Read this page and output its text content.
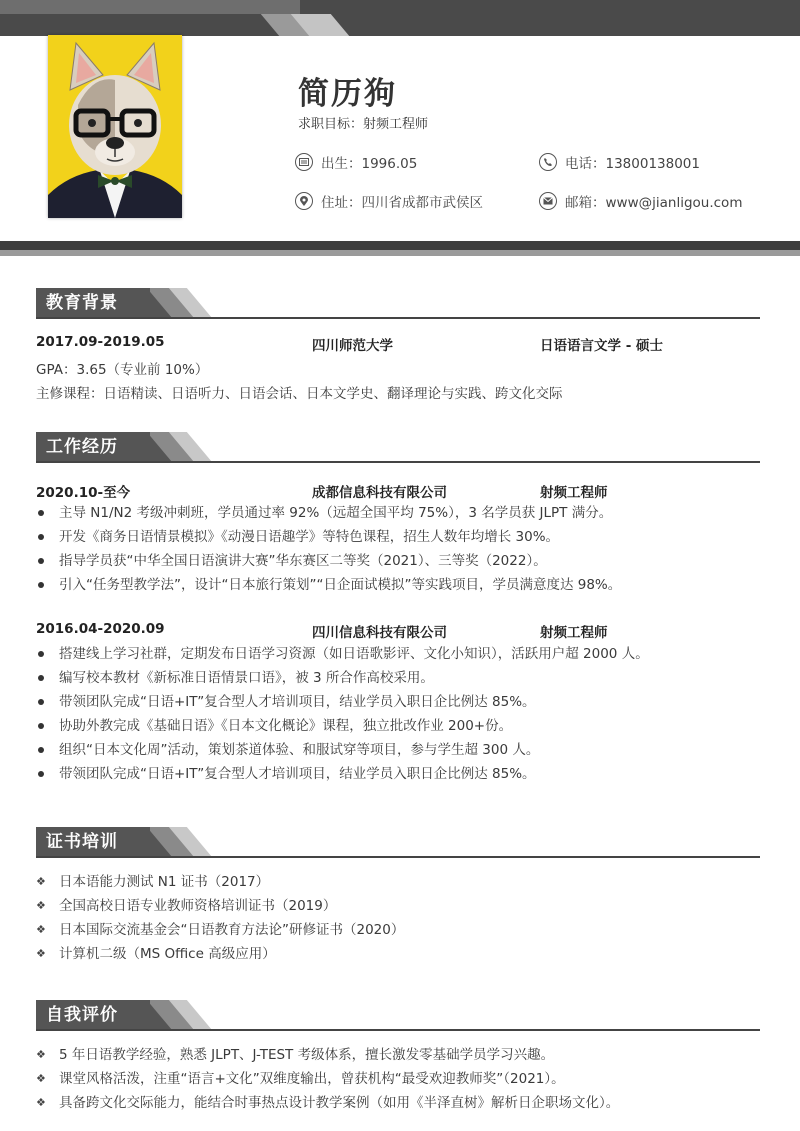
简历狗
求职目标：射频工程师
出生：1996.05	电话：13800138001
住址：四川省成都市武侯区	邮箱：www@jianligou.com
教育背景
2017.09-2019.05	四川师范大学	日语语言文学 - 硕士
GPA：3.65（专业前 10%）
主修课程：日语精读、日语听力、日语会话、日本文学史、翻译理论与实践、跨文化交际
工作经历
2020.10-至今	成都信息科技有限公司	射频工程师
主导 N1/N2 考级冲刺班，学员通过率 92%（远超全国平均 75%），3 名学员获 JLPT 满分。
开发《商务日语情景模拟》《动漫日语趣学》等特色课程，招生人数年均增长 30%。
指导学员获“中华全国日语演讲大赛”华东赛区二等奖（2021）、三等奖（2022）。
引入“任务型教学法”，设计“日本旅行策划”“日企面试模拟”等实践项目，学员满意度达 98%。
2016.04-2020.09	四川信息科技有限公司	射频工程师
搭建线上学习社群，定期发布日语学习资源（如日语歌影评、文化小知识），活跃用户超 2000 人。
编写校本教材《新标准日语情景口语》，被 3 所合作高校采用。
带领团队完成“日语+IT”复合型人才培训项目，结业学员入职日企比例达 85%。
协助外教完成《基础日语》《日本文化概论》课程，独立批改作业 200+份。
组织“日本文化周”活动，策划茶道体验、和服试穿等项目，参与学生超 300 人。
带领团队完成“日语+IT”复合型人才培训项目，结业学员入职日企比例达 85%。
证书培训
❖ 日本语能力测试 N1 证书（2017）
❖ 全国高校日语专业教师资格培训证书（2019）
❖ 日本国际交流基金会“日语教育方法论”研修证书（2020）
❖ 计算机二级（MS Office 高级应用）
自我评价
❖ 5 年日语教学经验，熟悉 JLPT、J-TEST 考级体系，擅长激发零基础学员学习兴趣。
❖ 课堂风格活泼，注重“语言+文化”双维度输出，曾获机构“最受欢迎教师奖”（2021）。
❖ 具备跨文化交际能力，能结合时事热点设计教学案例（如用《半泽直树》解析日企职场文化）。
